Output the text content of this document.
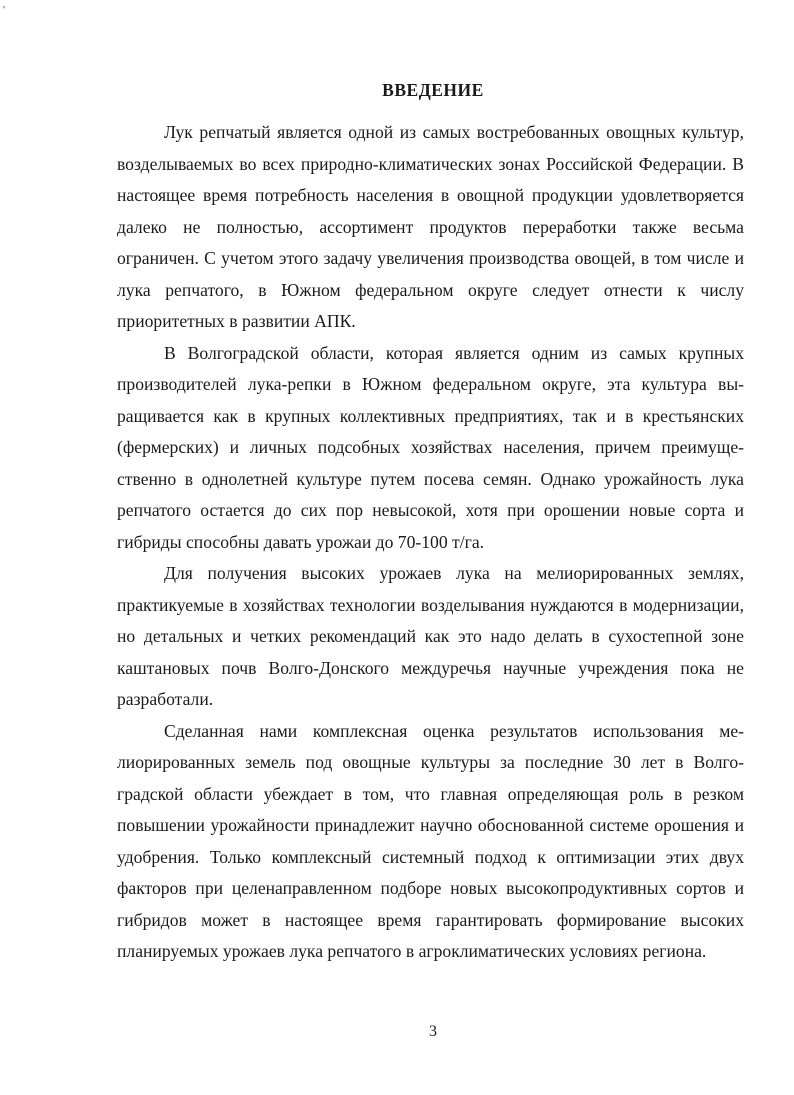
'
ВВЕДЕНИЕ

Лук репчатый является одной из самых востребованных овощных культур, возделываемых во всех природно-климатических зонах Российской Федерации. В настоящее время потребность населения в овощной продукции удовлетворяется далеко не полностью, ассортимент продуктов переработки также весьма ограничен. С учетом этого задачу увеличения производства овощей, в том числе и лука репчатого, в Южном федеральном округе следует отнести к числу приоритетных в развитии АПК.

В Волгоградской области, которая является одним из самых крупных производителей лука-репки в Южном федеральном округе, эта культура выращивается как в крупных коллективных предприятиях, так и в крестьянских (фермерских) и личных подсобных хозяйствах населения, причем преимущественно в однолетней культуре путем посева семян. Однако урожайность лука репчатого остается до сих пор невысокой, хотя при орошении новые сорта и гибриды способны давать урожаи до 70-100 т/га.

Для получения высоких урожаев лука на мелиорированных землях, практикуемые в хозяйствах технологии возделывания нуждаются в модернизации, но детальных и четких рекомендаций как это надо делать в сухостепной зоне каштановых почв Волго-Донского междуречья научные учреждения пока не разработали.

Сделанная нами комплексная оценка результатов использования мелиорированных земель под овощные культуры за последние 30 лет в Волгоградской области убеждает в том, что главная определяющая роль в резком повышении урожайности принадлежит научно обоснованной системе орошения и удобрения. Только комплексный системный подход к оптимизации этих двух факторов при целенаправленном подборе новых высокопродуктивных сортов и гибридов может в настоящее время гарантировать формирование высоких планируемых урожаев лука репчатого в агроклиматических условиях региона.

3
